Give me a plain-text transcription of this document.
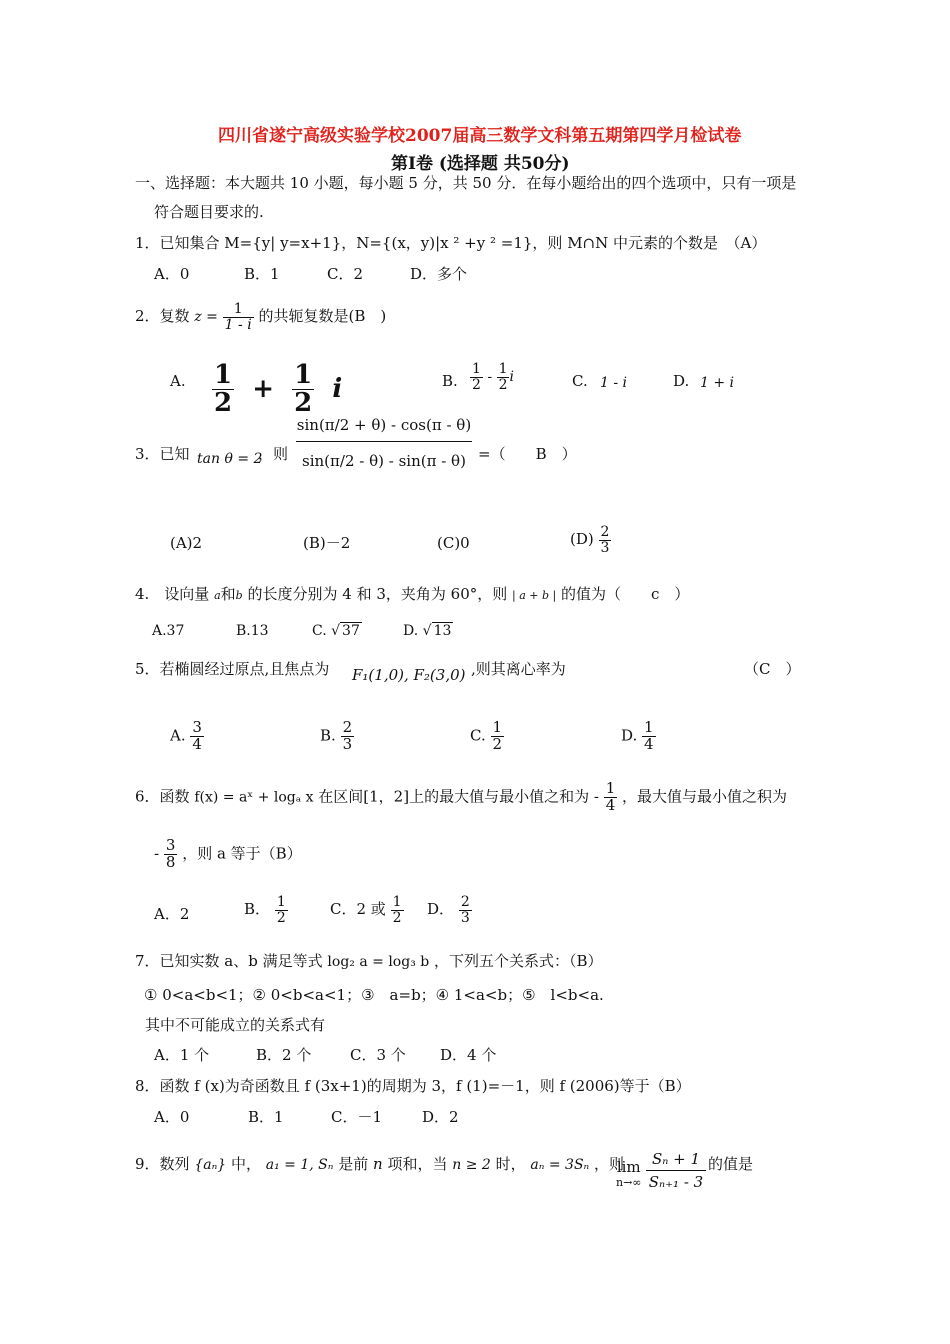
四川省遂宁高级实验学校2007届高三数学文科第五期第四学月检试卷
第Ⅰ卷 (选择题 共50分)
一、选择题：本大题共 10 小题，每小题 5 分，共 50 分．在每小题给出的四个选项中，只有一项是
符合题目要求的.
1．已知集合 M={y| y=x+1}，N={(x，y)|x ² +y ² =1}，则 M∩N 中元素的个数是　（A）
A．0	B．1	C．2	D．多个
2．复数 $z = \frac{1}{1 - i}$ 的共轭复数是(B　)
A. $\frac{1}{2} + \frac{1}{2}$ i	B. $\frac{1}{2} - \frac{1}{2}$ i	C. 1 - i	D. 1 + i
3．已知 tan θ = 2
，则 $\frac{\sin(\pi/2 + \theta) - \cos(\pi - \theta)}{\sin(\pi/2 - \theta) - \sin(\pi - \theta)}$ =（　　B　）
(A)2	(B)－2	(C)0	$(D) \frac{2}{3}$
4.　设向量 a和b 的长度分别为 4 和 3，夹角为 60°，则 | a + b | 的值为（　　c　）
A.37	B.13	C. √ 37	D. √ 13
5．若椭圆经过原点,且焦点为 F₁(1,0), F₂(3,0) ,则其离心率为	（C　）
A. $\frac{3}{4}$	B. $\frac{2}{3}$	C. $\frac{1}{2}$	D. $\frac{1}{4}$
6．函数 f(x) = aˣ + logₐ x 在区间[1，2]上的最大值与最小值之和为 - $\frac{1}{4}$ ，最大值与最小值之积为
- $\frac{3}{8}$ ，则 a 等于（B）
A．2	B． $\frac{1}{2}$	C．2 或 $\frac{1}{2}$ D． $\frac{2}{3}$
7．已知实数 a、b 满足等式 log₂ a = log₃ b ，下列五个关系式：（B）
① 0<a<b<1；② 0<b<a<1；③　a=b；④ 1<a<b；⑤　l<b<a.
其中不可能成立的关系式有
A．1 个	B．2 个	C．3 个 D．4 个
8．函数 f (x)为奇函数且 f (3x+1)的周期为 3，f (1)=－1，则 f (2006)等于（B）
A．0	B．1	C．－1	D．2
9．数列 {aₙ} 中， a₁ = 1, Sₙ 是前 n 项和，当 n ≥ 2 时， aₙ = 3Sₙ ，则
lim
$n\to\infty \frac{\text{Sₙ + 1}}{\text{Sₙ₊₁ - 3}}$ 的值是
